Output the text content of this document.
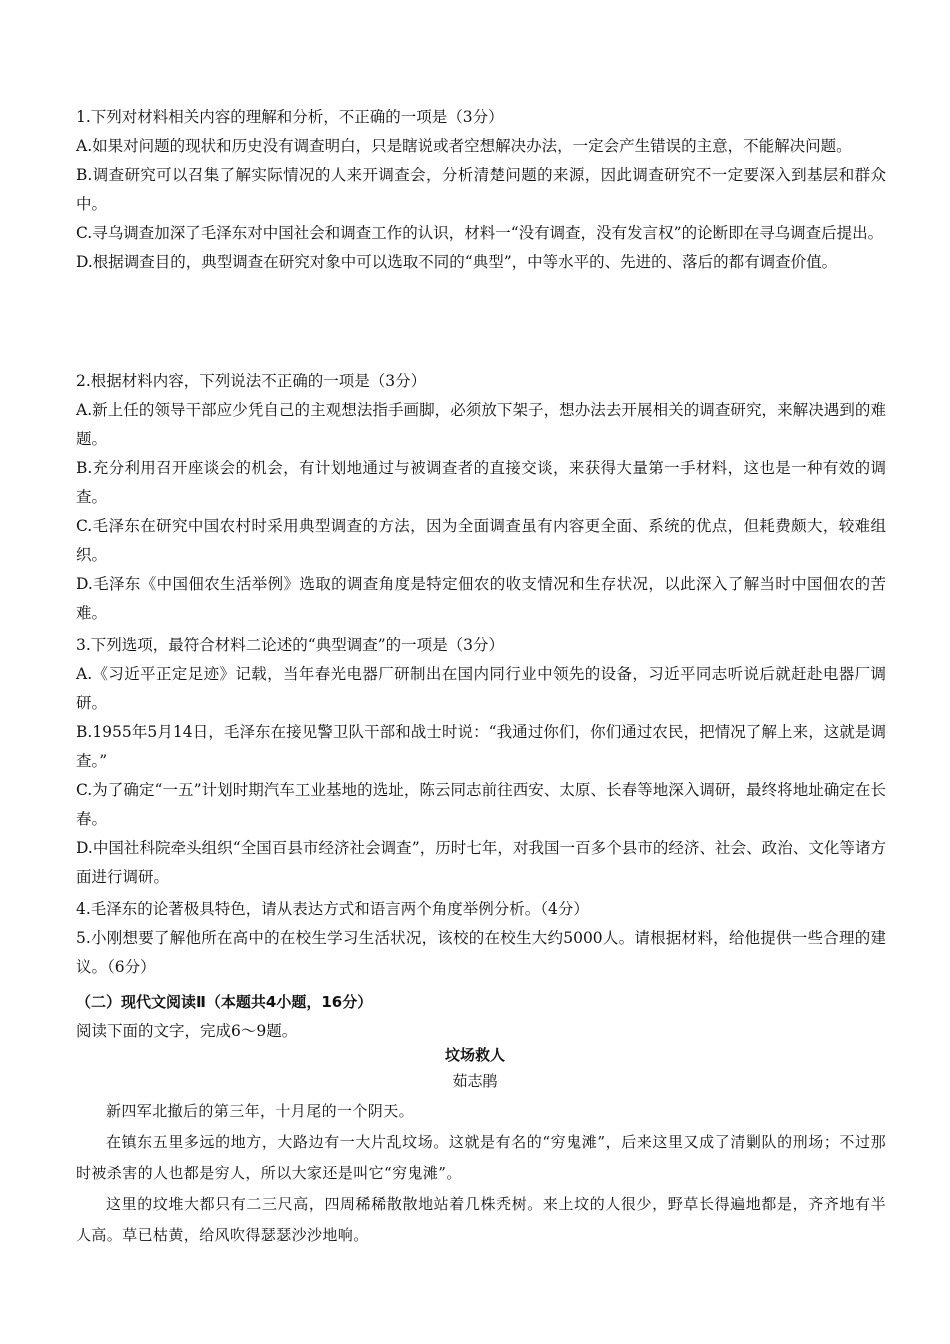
1.下列对材料相关内容的理解和分析，不正确的一项是（3分）

A.如果对问题的现状和历史没有调查明白，只是瞎说或者空想解决办法，一定会产生错误的主意，不能解决问题。

B.调查研究可以召集了解实际情况的人来开调查会，分析清楚问题的来源，因此调查研究不一定要深入到基层和群众中。

C.寻乌调查加深了毛泽东对中国社会和调查工作的认识，材料一“没有调查，没有发言权”的论断即在寻乌调查后提出。

D.根据调查目的，典型调查在研究对象中可以选取不同的“典型”，中等水平的、先进的、落后的都有调查价值。

2.根据材料内容，下列说法不正确的一项是（3分）

A.新上任的领导干部应少凭自己的主观想法指手画脚，必须放下架子，想办法去开展相关的调查研究，来解决遇到的难题。

B.充分利用召开座谈会的机会，有计划地通过与被调查者的直接交谈，来获得大量第一手材料，这也是一种有效的调查。

C.毛泽东在研究中国农村时采用典型调查的方法，因为全面调查虽有内容更全面、系统的优点，但耗费颇大，较难组织。

D.毛泽东《中国佃农生活举例》选取的调查角度是特定佃农的收支情况和生存状况，以此深入了解当时中国佃农的苦难。

3.下列选项，最符合材料二论述的“典型调查”的一项是（3分）

A.《习近平正定足迹》记载，当年春光电器厂研制出在国内同行业中领先的设备，习近平同志听说后就赶赴电器厂调研。

B.1955年5月14日，毛泽东在接见警卫队干部和战士时说：“我通过你们，你们通过农民，把情况了解上来，这就是调查。”

C.为了确定“一五”计划时期汽车工业基地的选址，陈云同志前往西安、太原、长春等地深入调研，最终将地址确定在长春。

D.中国社科院牵头组织“全国百县市经济社会调查”，历时七年，对我国一百多个县市的经济、社会、政治、文化等诸方面进行调研。

4.毛泽东的论著极具特色，请从表达方式和语言两个角度举例分析。（4分）

5.小刚想要了解他所在高中的在校生学习生活状况，该校的在校生大约5000人。请根据材料，给他提供一些合理的建议。（6分）

（二）现代文阅读Ⅱ（本题共4小题，16分）
阅读下面的文字，完成6～9题。
坟场救人
茹志鹃

新四军北撤后的第三年，十月尾的一个阴天。

在镇东五里多远的地方，大路边有一大片乱坟场。这就是有名的“穷鬼滩”，后来这里又成了清剿队的刑场；不过那时被杀害的人也都是穷人，所以大家还是叫它“穷鬼滩”。

这里的坟堆大都只有二三尺高，四周稀稀散散地站着几株秃树。来上坟的人很少，野草长得遍地都是，齐齐地有半人高。草已枯黄，给风吹得瑟瑟沙沙地响。
